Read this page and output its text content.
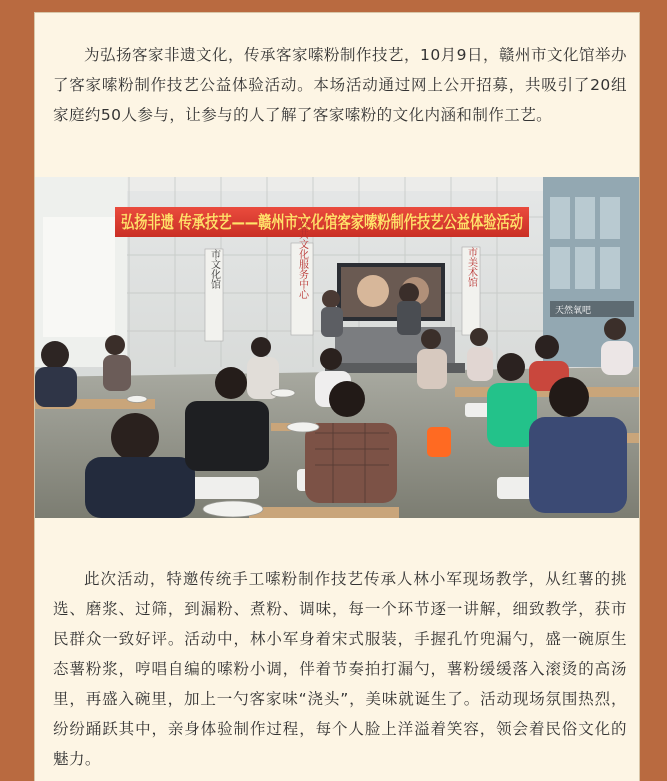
为弘扬客家非遗文化，传承客家嗦粉制作技艺，10月9日，赣州市文化馆举办了客家嗦粉制作技艺公益体验活动。本场活动通过网上公开招募，共吸引了20组家庭约50人参与，让参与的人了解了客家嗦粉的文化内涵和制作工艺。

天然氧吧
弘扬非遗 传承技艺——赣州市文化馆客家嗦粉制作技艺公益体验活动
市文化馆	公共文化服务中心	市美术馆

此次活动，特邀传统手工嗦粉制作技艺传承人林小军现场教学，从红薯的挑选、磨浆、过筛，到漏粉、煮粉、调味，每一个环节逐一讲解，细致教学，获市民群众一致好评。活动中，林小军身着宋式服装，手握孔竹兜漏勺，盛一碗原生态薯粉浆，哼唱自编的嗦粉小调，伴着节奏拍打漏勺，薯粉缓缓落入滚烫的高汤里，再盛入碗里，加上一勺客家味“浇头”，美味就诞生了。活动现场氛围热烈，纷纷踊跃其中，亲身体验制作过程，每个人脸上洋溢着笑容，领会着民俗文化的魅力。
